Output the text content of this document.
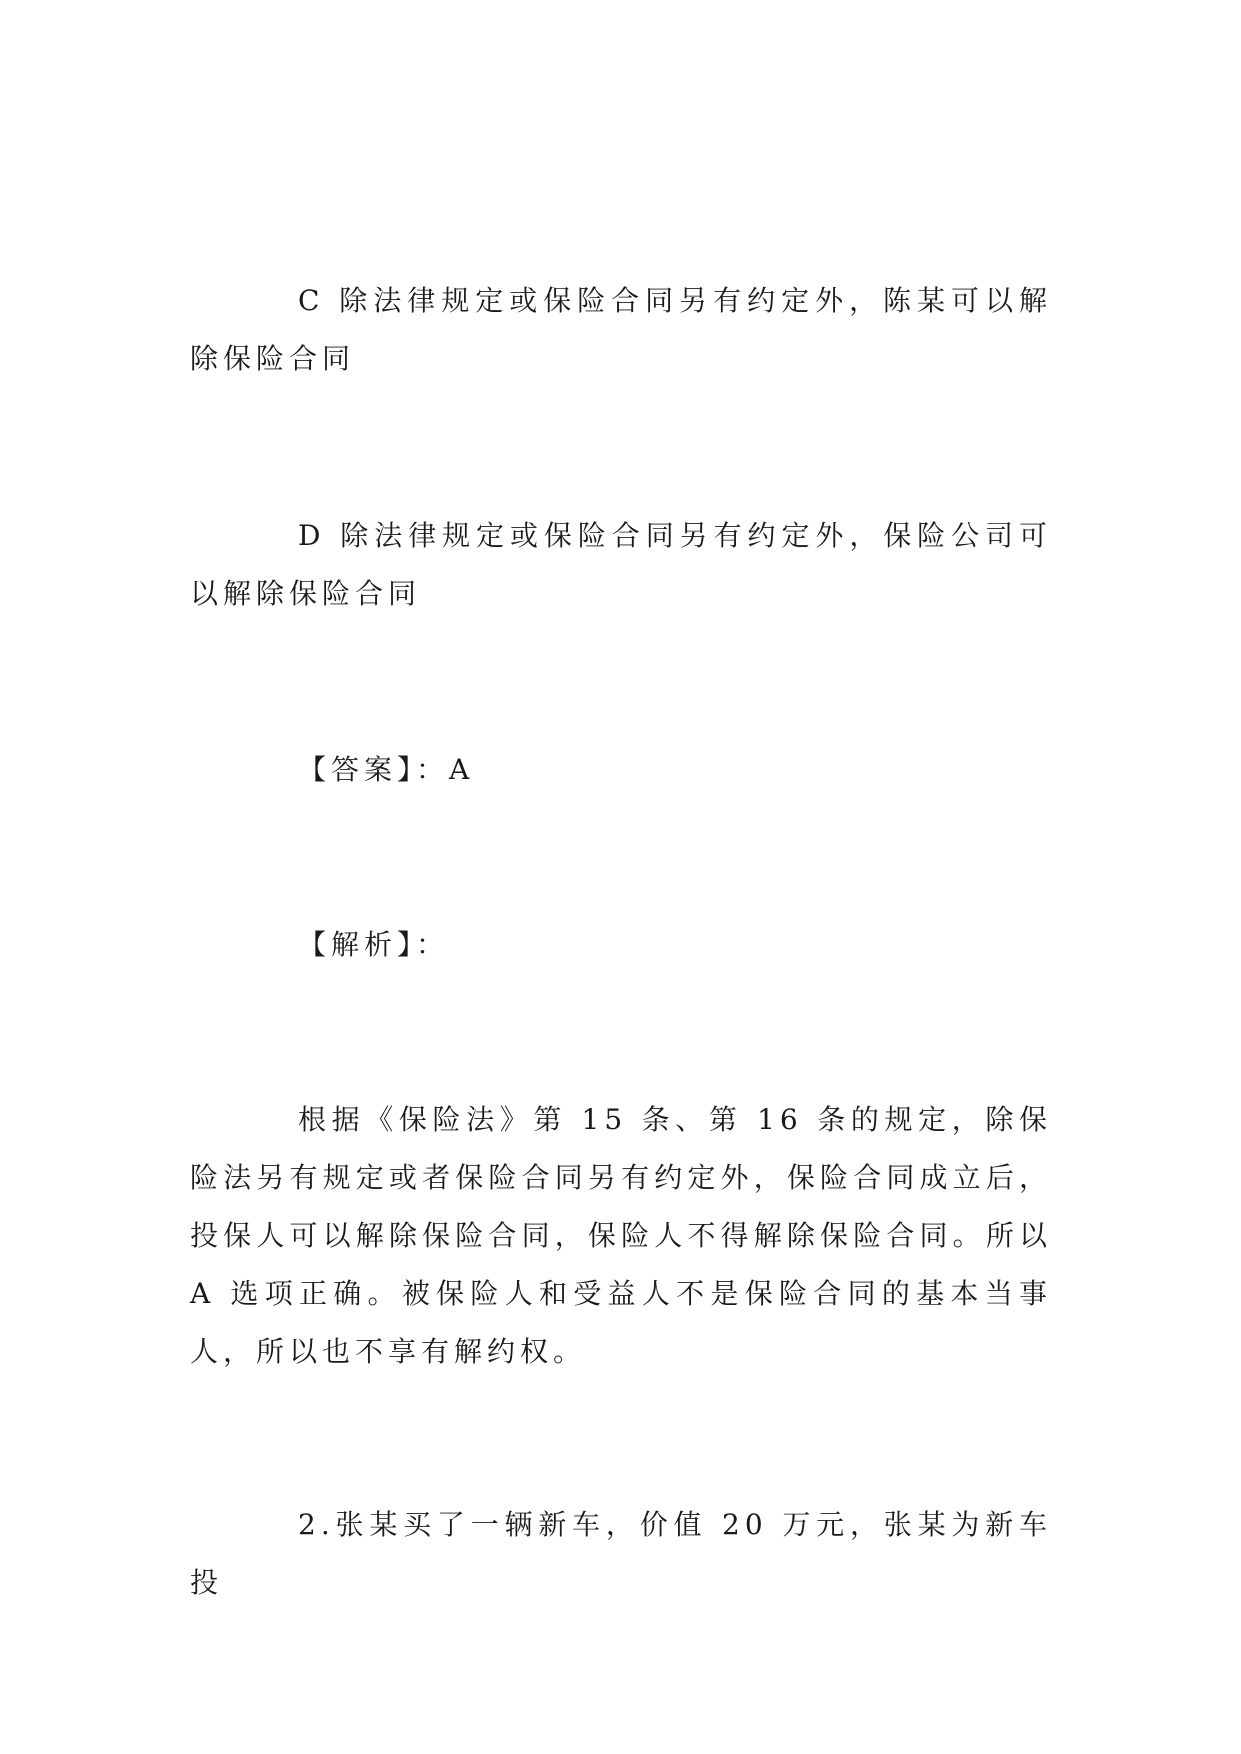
C 除法律规定或保险合同另有约定外，陈某可以解除保险合同

D 除法律规定或保险合同另有约定外，保险公司可以解除保险合同

【答案】：A

【解析】：

根据《保险法》第 15 条、第 16 条的规定，除保险法另有规定或者保险合同另有约定外，保险合同成立后，投保人可以解除保险合同，保险人不得解除保险合同。所以 A 选项正确。被保险人和受益人不是保险合同的基本当事人，所以也不享有解约权。

2.张某买了一辆新车，价值 20 万元，张某为新车投
